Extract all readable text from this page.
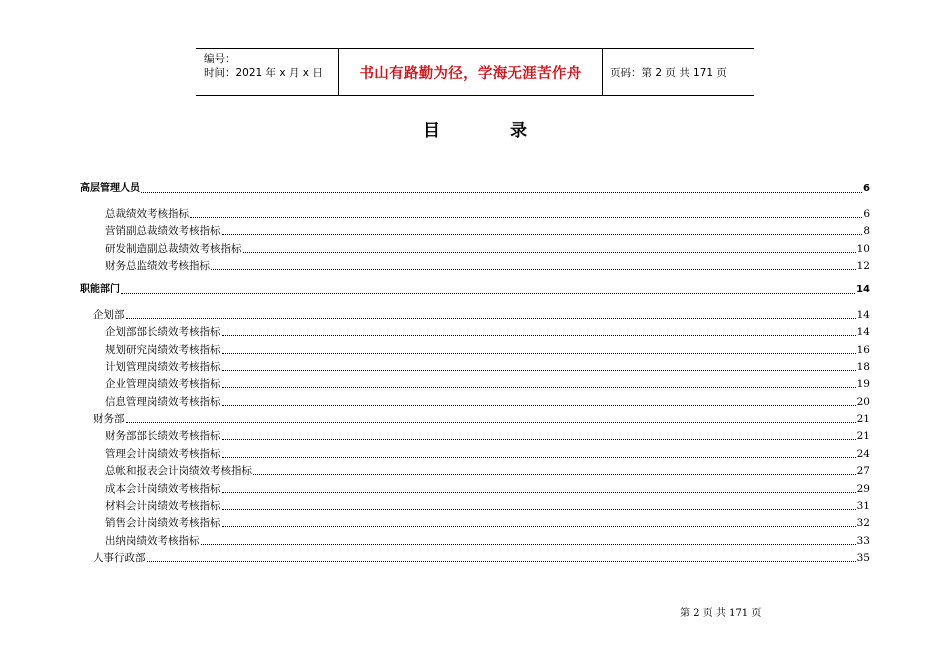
编号：
时间：2021 年 x 月 x 日	书山有路勤为径，学海无涯苦作舟	页码：第 2 页 共 171 页
目 录
高层管理人员	6
总裁绩效考核指标	6
营销副总裁绩效考核指标	8
研发制造副总裁绩效考核指标	10
财务总监绩效考核指标	12
职能部门	14
企划部	14
企划部部长绩效考核指标	14
规划研究岗绩效考核指标	16
计划管理岗绩效考核指标	18
企业管理岗绩效考核指标	19
信息管理岗绩效考核指标	20
财务部	21
财务部部长绩效考核指标	21
管理会计岗绩效考核指标	24
总帐和报表会计岗绩效考核指标	27
成本会计岗绩效考核指标	29
材料会计岗绩效考核指标	31
销售会计岗绩效考核指标	32
出纳岗绩效考核指标	33
人事行政部	35
第 2 页 共 171 页
